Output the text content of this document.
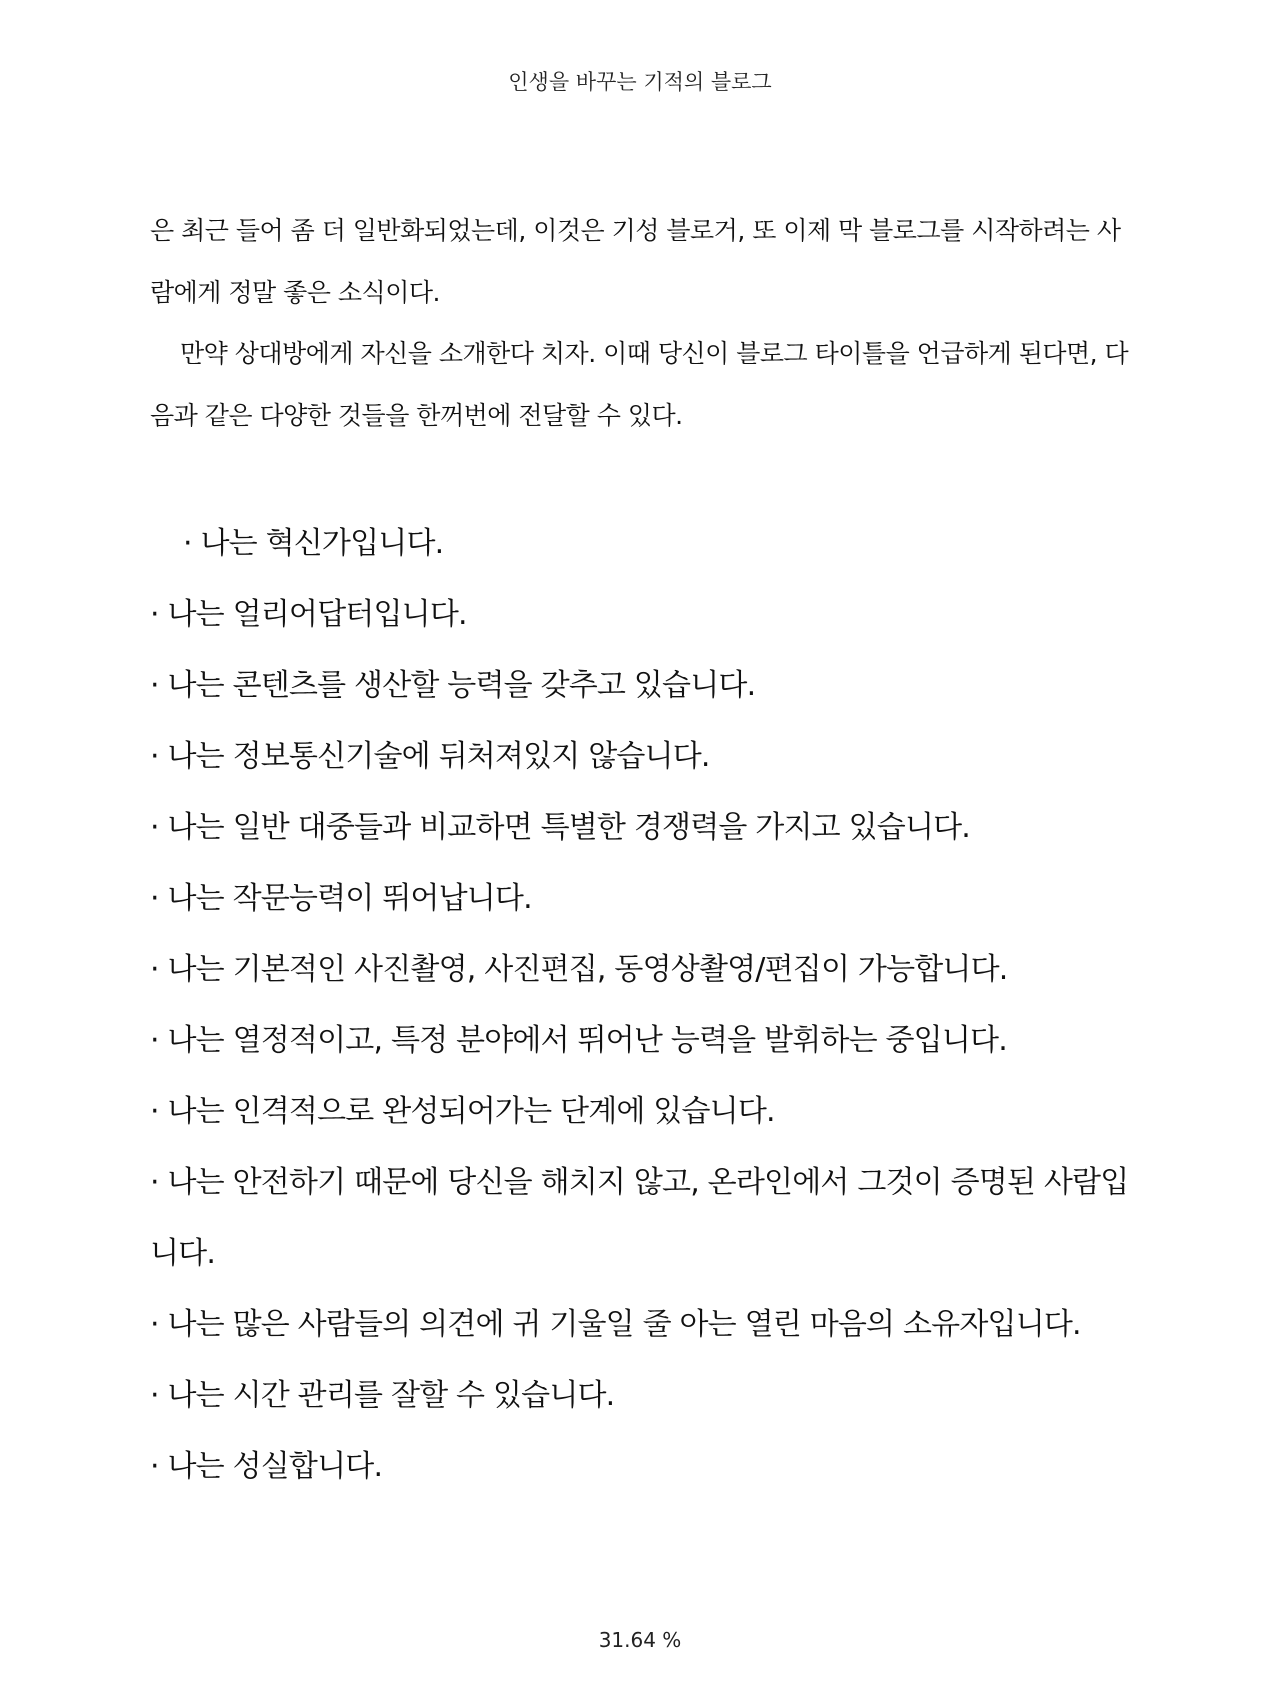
인생을 바꾸는 기적의 블로그

은 최근 들어 좀 더 일반화되었는데, 이것은 기성 블로거, 또 이제 막 블로그를 시작하려는 사람에게 정말 좋은 소식이다.

만약 상대방에게 자신을 소개한다 치자. 이때 당신이 블로그 타이틀을 언급하게 된다면, 다음과 같은 다양한 것들을 한꺼번에 전달할 수 있다.

· 나는 혁신가입니다.

· 나는 얼리어답터입니다.

· 나는 콘텐츠를 생산할 능력을 갖추고 있습니다.

· 나는 정보통신기술에 뒤처져있지 않습니다.

· 나는 일반 대중들과 비교하면 특별한 경쟁력을 가지고 있습니다.

· 나는 작문능력이 뛰어납니다.

· 나는 기본적인 사진촬영, 사진편집, 동영상촬영/편집이 가능합니다.

· 나는 열정적이고, 특정 분야에서 뛰어난 능력을 발휘하는 중입니다.

· 나는 인격적으로 완성되어가는 단계에 있습니다.

· 나는 안전하기 때문에 당신을 해치지 않고, 온라인에서 그것이 증명된 사람입니다.

· 나는 많은 사람들의 의견에 귀 기울일 줄 아는 열린 마음의 소유자입니다.

· 나는 시간 관리를 잘할 수 있습니다.

· 나는 성실합니다.

31.64 %
